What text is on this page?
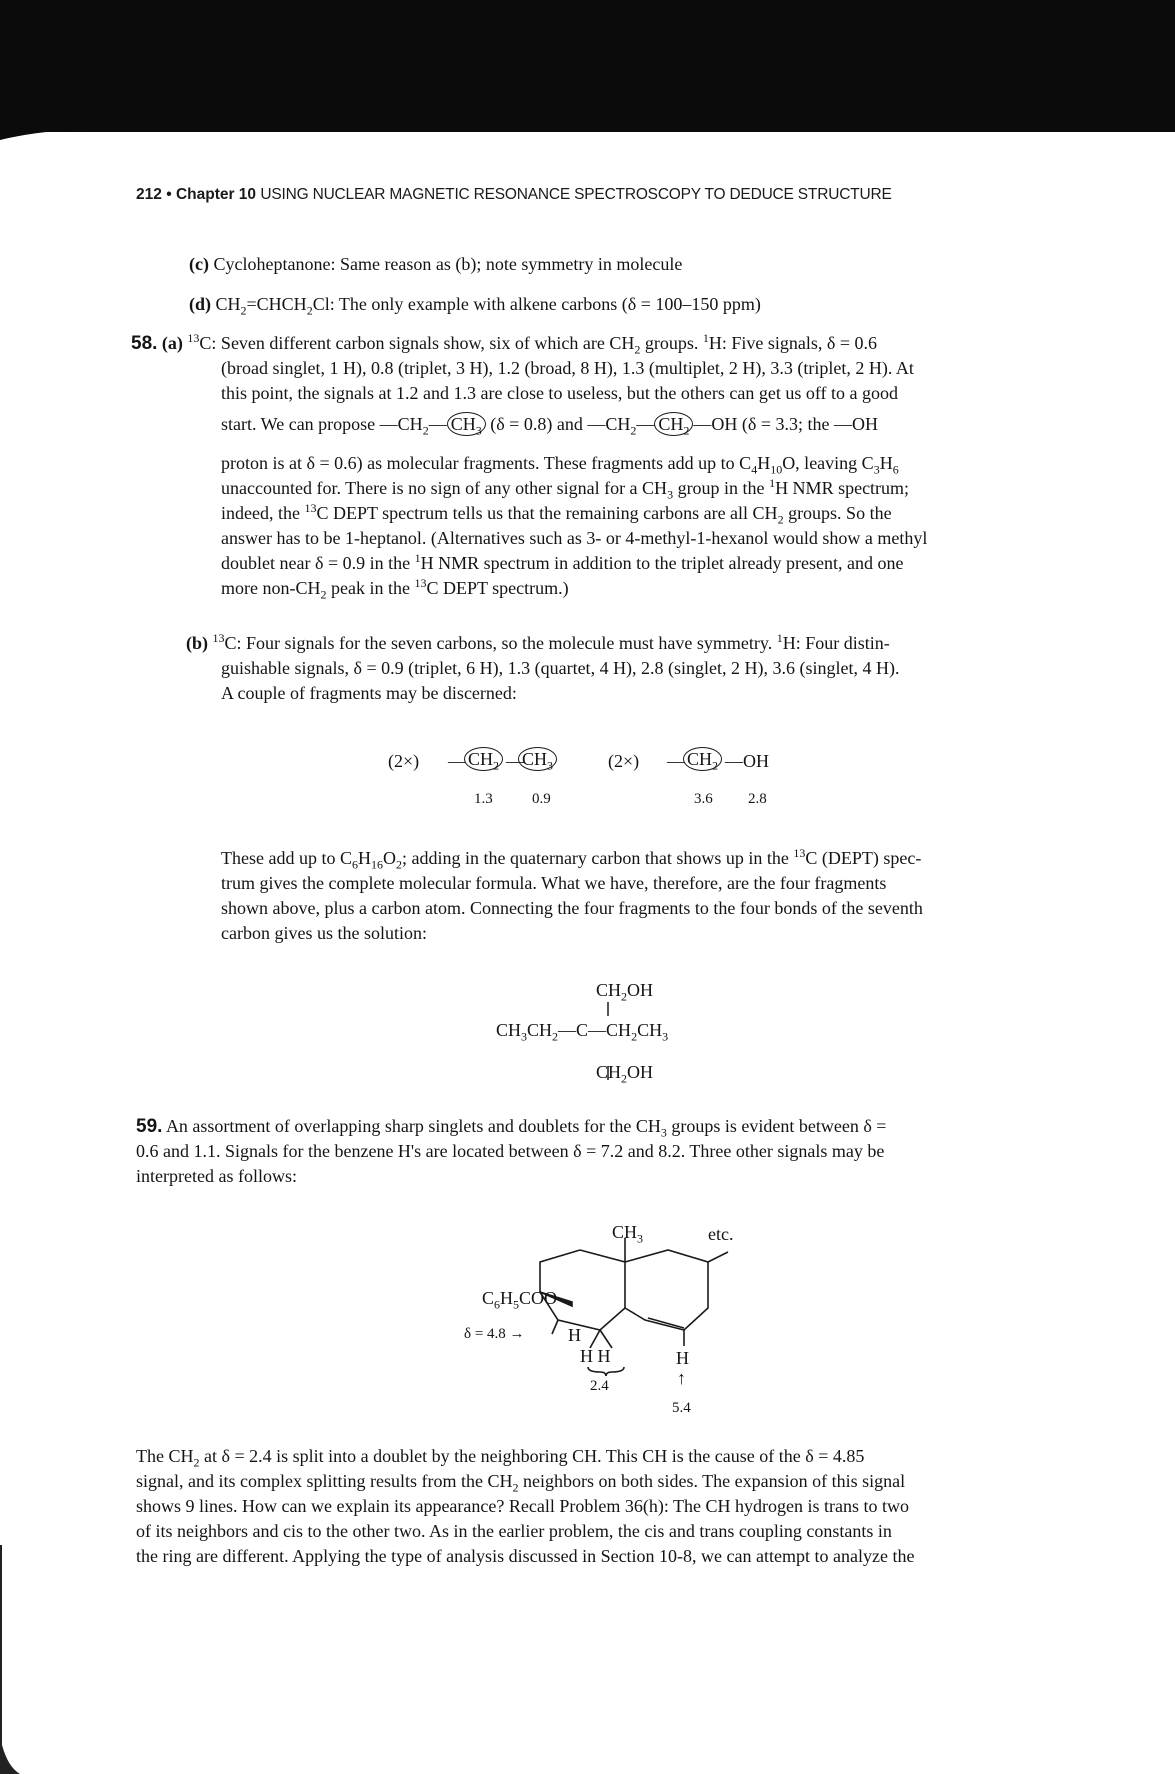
212 • Chapter 10 USING NUCLEAR MAGNETIC RESONANCE SPECTROSCOPY TO DEDUCE STRUCTURE
(c) Cycloheptanone: Same reason as (b); note symmetry in molecule
(d) $CH_2=CHCH_2Cl$: The only example with alkene carbons (δ = 100–150 ppm)
58. (a) $^{13}$C: Seven different carbon signals show, six of which are $CH_2$ groups. $^1$H: Five signals, δ = 0.6
(broad singlet, 1 H), 0.8 (triplet, 3 H), 1.2 (broad, 8 H), 1.3 (multiplet, 2 H), 3.3 (triplet, 2 H). At
this point, the signals at 1.2 and 1.3 are close to useless, but the others can get us off to a good
start. We can propose $—CH_2—$ $CH_3$ (δ = 0.8) and $—CH_2—$ $CH_2$ —OH (δ = 3.3; the —OH
proton is at δ = 0.6) as molecular fragments. These fragments add up to $C_4H_{10}O$, leaving $C_3H_6$
unaccounted for. There is no sign of any other signal for a $CH_3$ group in the $^1$H NMR spectrum;
indeed, the $^{13}$C DEPT spectrum tells us that the remaining carbons are all $CH_2$ groups. So the
answer has to be 1-heptanol. (Alternatives such as 3- or 4-methyl-1-hexanol would show a methyl
doublet near δ = 0.9 in the $^1$H NMR spectrum in addition to the triplet already present, and one
more non-$CH_2$ peak in the $^{13}$C DEPT spectrum.)
(b) $^{13}$C: Four signals for the seven carbons, so the molecule must have symmetry. $^1$H: Four distin-
guishable signals, δ = 0.9 (triplet, 6 H), 1.3 (quartet, 4 H), 2.8 (singlet, 2 H), 3.6 (singlet, 4 H).
A couple of fragments may be discerned:
(2×) — $CH_2$ —
$CH_3$
1.3	0.9
(2×) — $CH_2$ —OH
3.6 2.8
These add up to $C_6H_{16}O_2$; adding in the quaternary carbon that shows up in the $^{13}$C (DEPT) spec-
trum gives the complete molecular formula. What we have, therefore, are the four fragments
shown above, plus a carbon atom. Connecting the four fragments to the four bonds of the seventh
carbon gives us the solution:
$CH_2OH$
$CH_3CH_2—C—CH_2CH_3$
$CH_2OH$
59. An assortment of overlapping sharp singlets and doublets for the $CH_3$ groups is evident between δ =
0.6 and 1.1. Signals for the benzene H's are located between δ = 7.2 and 8.2. Three other signals may be
interpreted as follows:
$CH_3$	etc.
$C_6H_5COO$
δ = 4.8 → H
H H	H
2.4	↑
5.4
The $CH_2$ at δ = 2.4 is split into a doublet by the neighboring CH. This CH is the cause of the δ = 4.85
signal, and its complex splitting results from the $CH_2$ neighbors on both sides. The expansion of this signal
shows 9 lines. How can we explain its appearance? Recall Problem 36(h): The CH hydrogen is trans to two
of its neighbors and cis to the other two. As in the earlier problem, the cis and trans coupling constants in
the ring are different. Applying the type of analysis discussed in Section 10-8, we can attempt to analyze the
